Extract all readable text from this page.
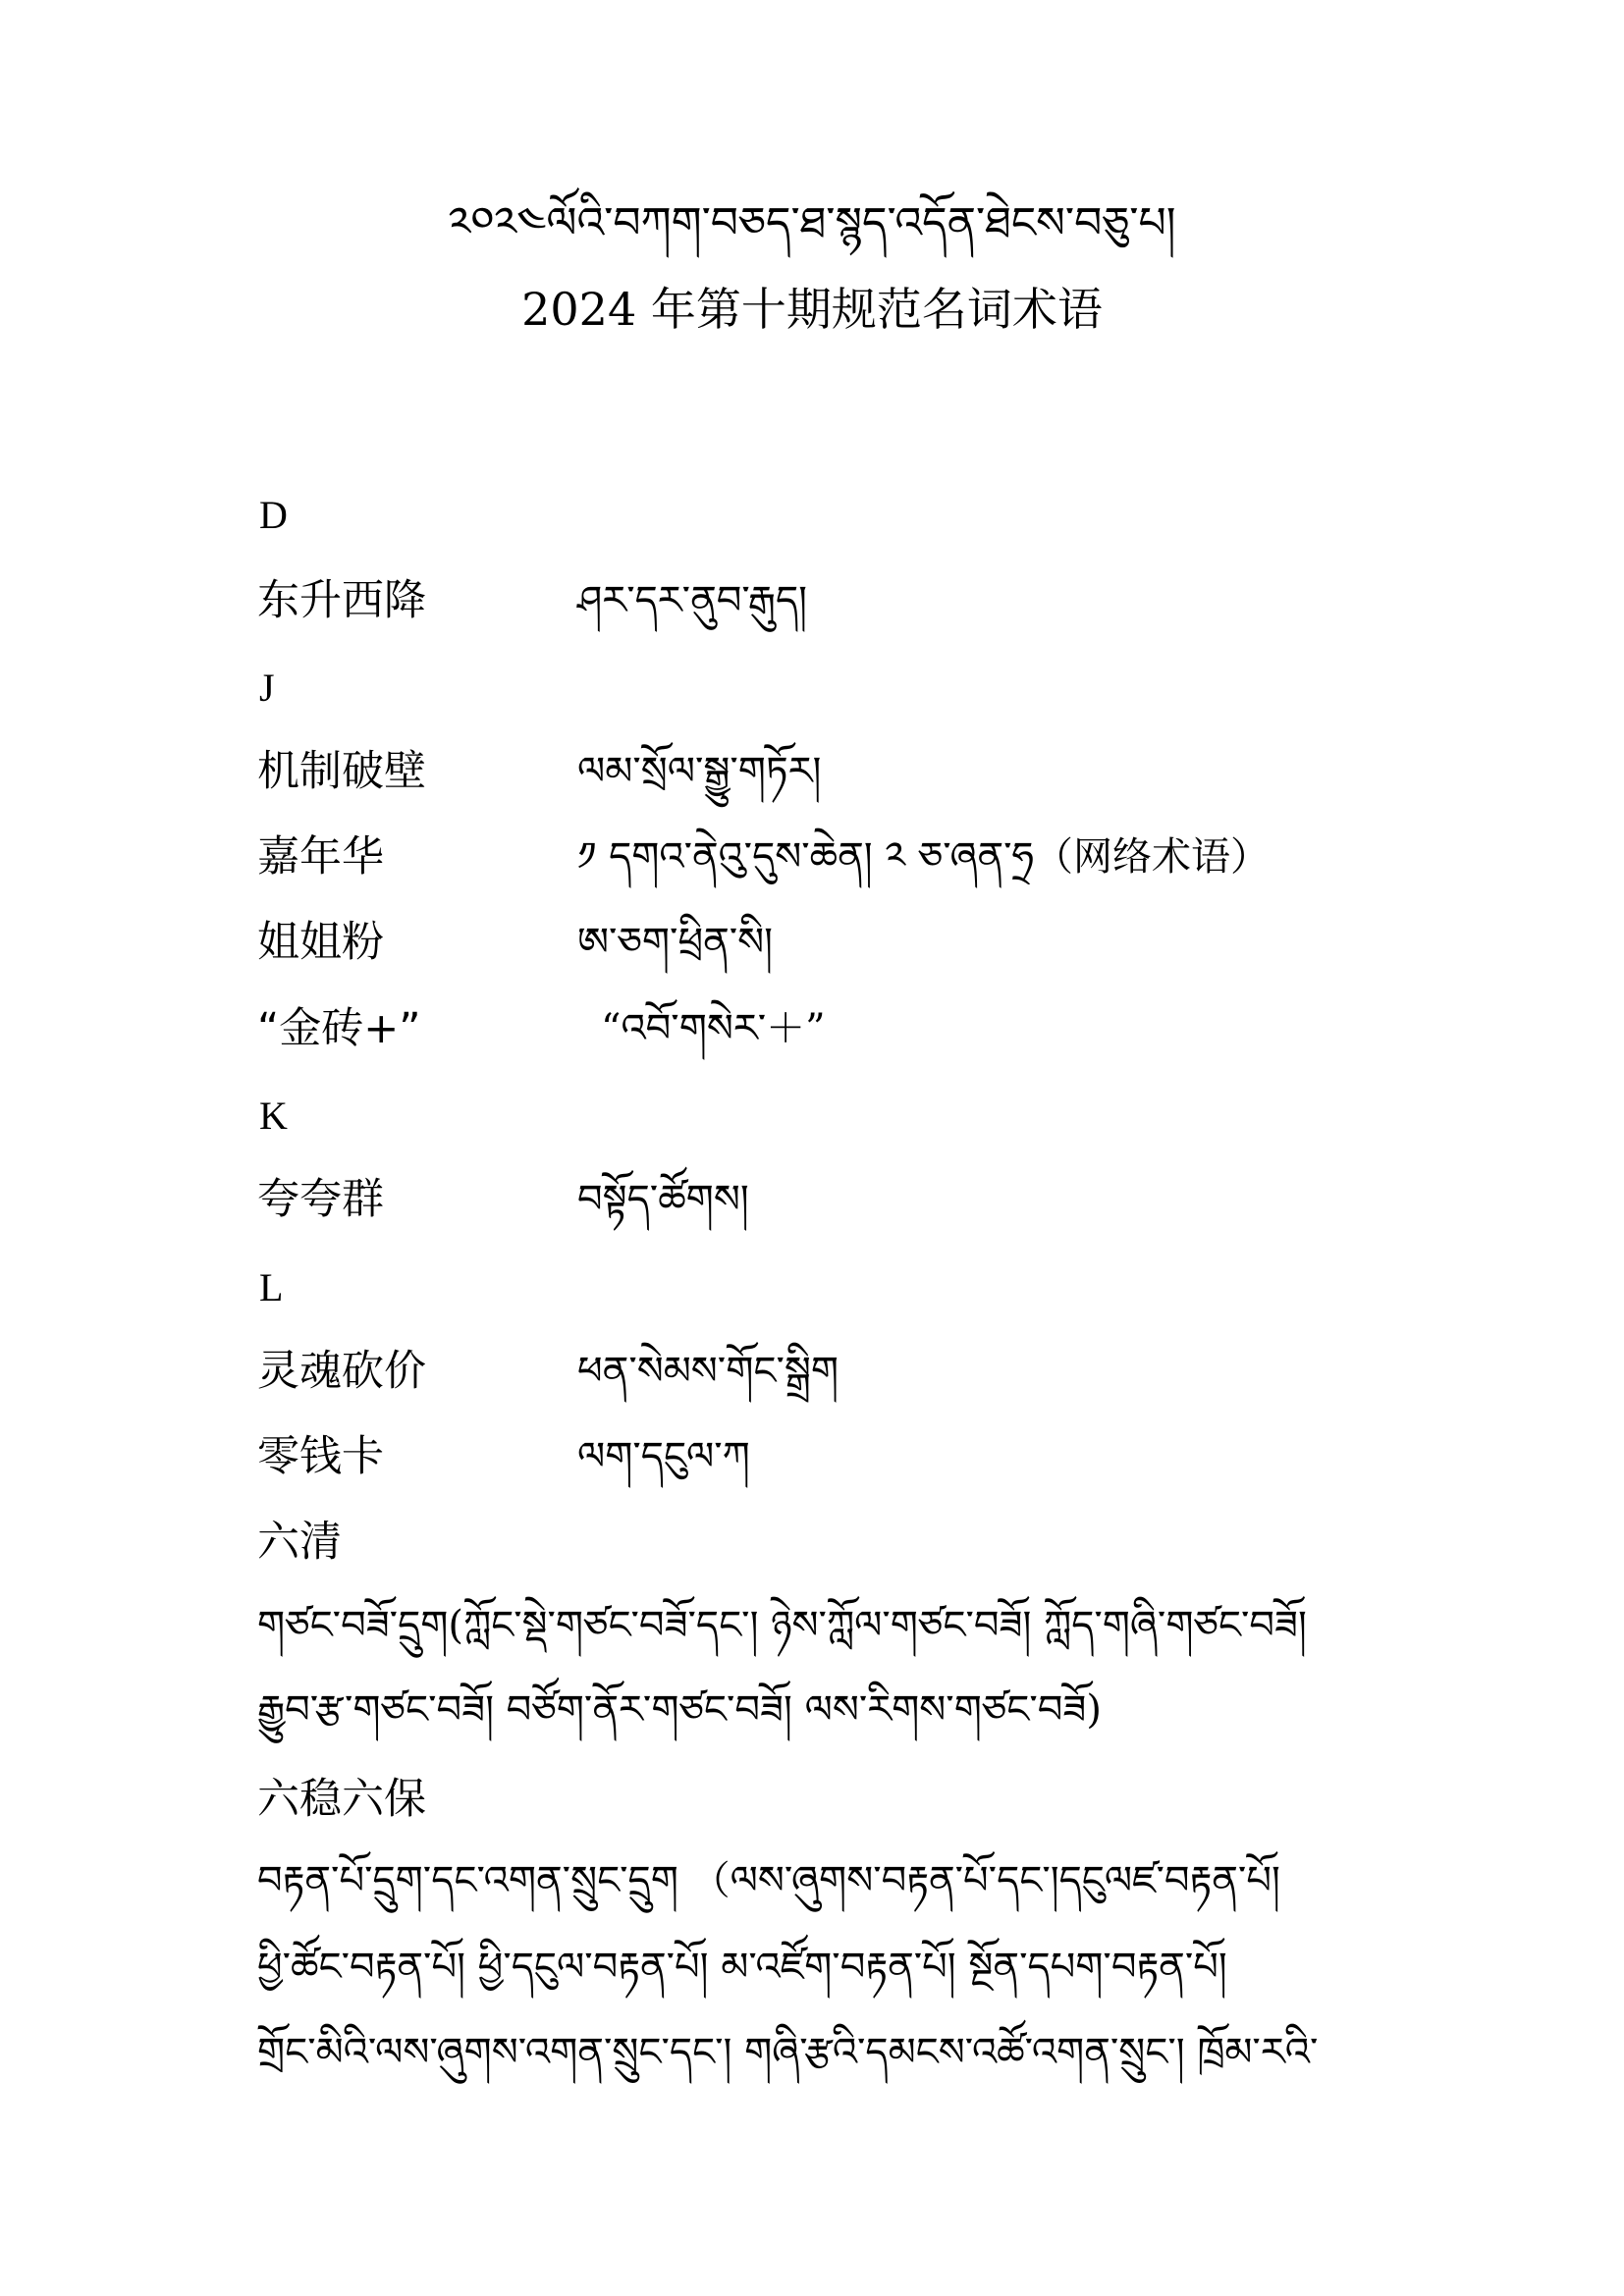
༢༠༢༤ལོའི་བཀག་བཅད་ཐ་སྙད་འདོན་ཐེངས་བཅུ་པ།
2024 年第十期规范名词术语
D
东升西降	ཤར་དར་ནུབ་རྒུད།
J
机制破壁	ལམ་སྲོལ་སྒྱུ་གཏོར།
嘉年华	༡ དགའ་ནེའུ་དུས་ཆེན། ༢ ཅ་ཞན་ཧྲ（网络术语）
姐姐粉	ཨ་ཅག་ཕྲིན་སི།
“金砖+”	“འབོ་གསེར་＋”
K
夸夸群	བསྟོད་ཚོགས།
L
灵魂砍价	ཕན་སེམས་གོང་སྒྲིག
零钱卡	ལག་དངུལ་ཀ
六清
གཙང་བཟོ་དྲུག(ཀློང་སྡེ་གཙང་བཟོ་དང་། ཉེས་ཀློལ་གཙང་བཟོ། ཀློད་གཞི་གཙང་བཟོ།
རྒྱུབ་རྩ་གཙང་བཟོ། བཙོག་ནོར་གཙང་བཟོ། ལས་རིགས་གཙང་བཟོ)
六稳六保
བརྟན་པོ་དྲུག་དང་འགན་སྲུང་དྲུག （ལས་ཞུགས་བརྟན་པོ་དང་།དངུལཛ་བརྟན་པོ།
ཕྱི་ཚོང་བརྟན་པོ། ཕྱི་དངུལ་བརྟན་པོ། མ་འཛོག་བརྟན་པོ། སྔོན་དཔག་བརྟན་པོ།
གྲོང་མིའི་ལས་ཞུགས་འགན་སྲུང་དང་། གཞི་རྩའི་དམངས་འཚོ་འགན་སྲུང་། ཁྲོམ་རའི་
